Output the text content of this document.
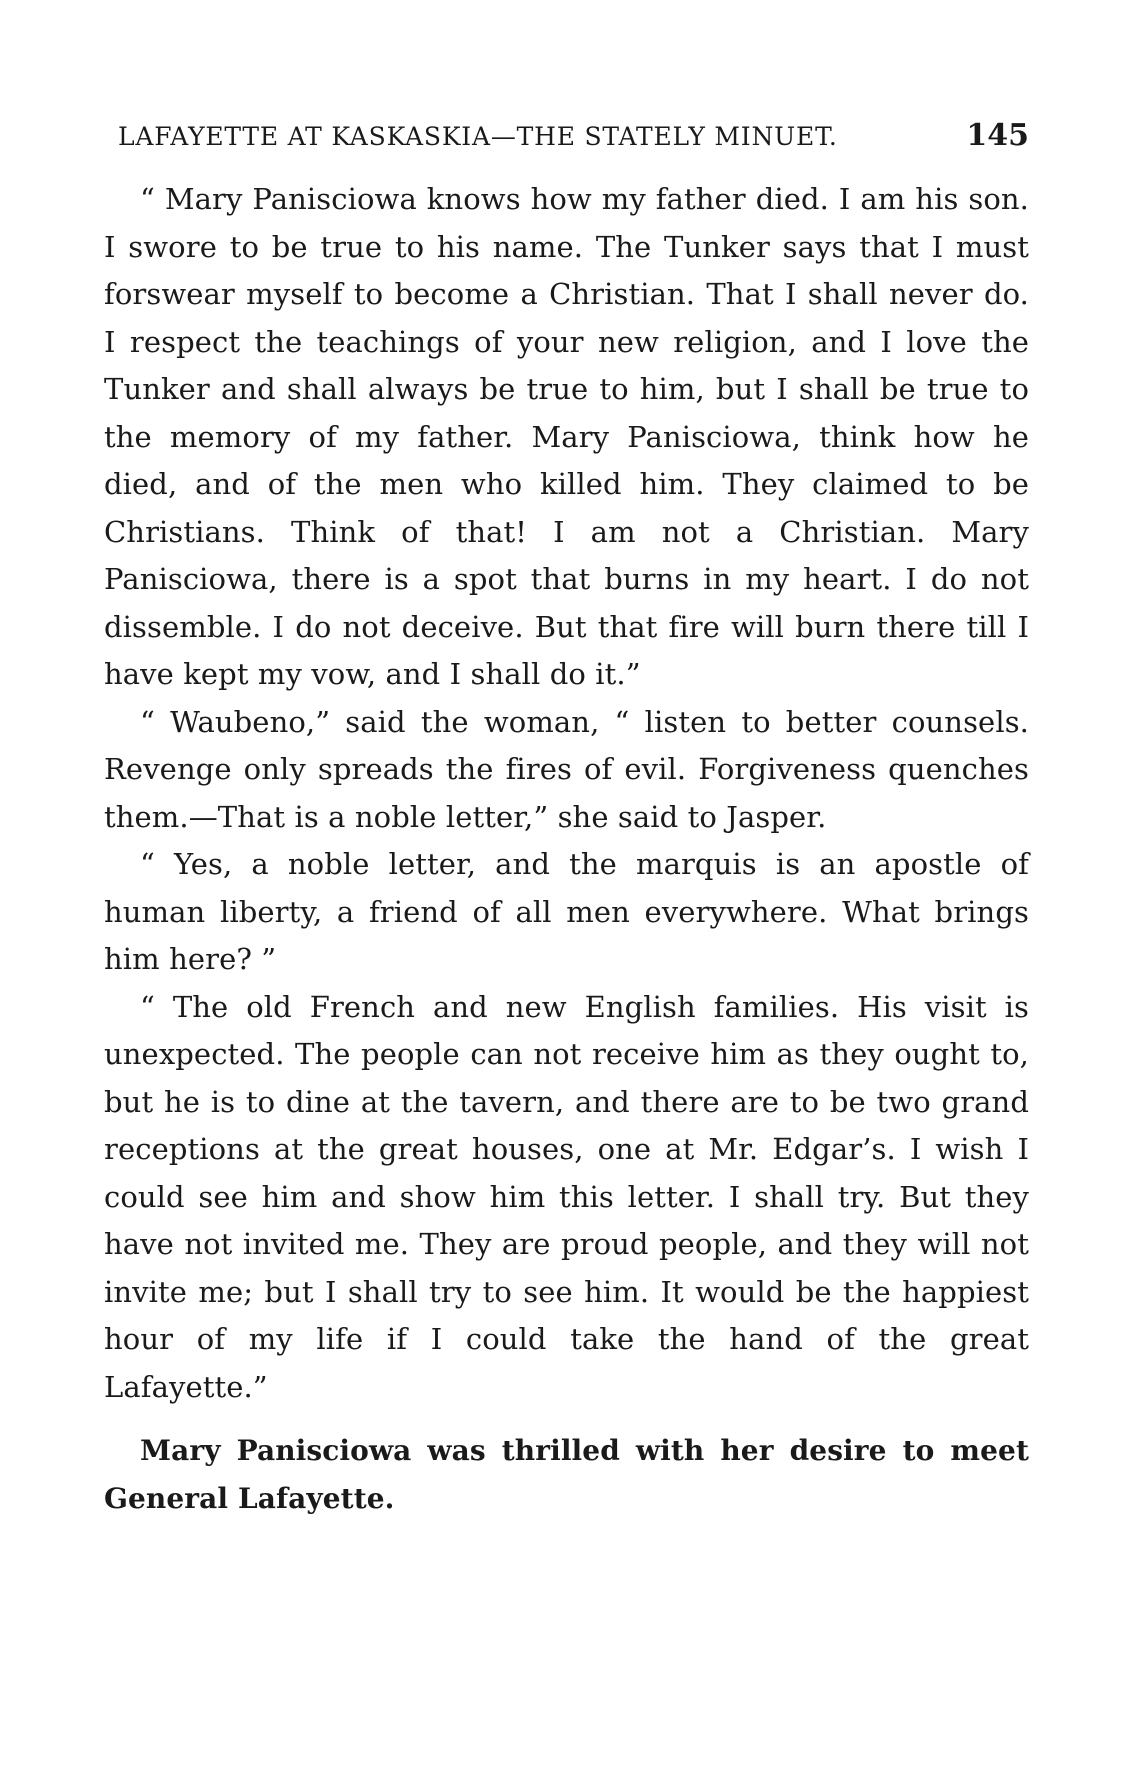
LAFAYETTE AT KASKASKIA—THE STATELY MINUET.	145

“ Mary Panisciowa knows how my father died. I am his son. I swore to be true to his name. The Tunker says that I must forswear myself to become a Christian. That I shall never do. I respect the teachings of your new religion, and I love the Tunker and shall always be true to him, but I shall be true to the memory of my father. Mary Panisciowa, think how he died, and of the men who killed him. They claimed to be Christians. Think of that! I am not a Christian. Mary Panisciowa, there is a spot that burns in my heart. I do not dissemble. I do not deceive. But that fire will burn there till I have kept my vow, and I shall do it.”

“ Waubeno,” said the woman, “ listen to better counsels. Revenge only spreads the fires of evil. Forgiveness quenches them.—That is a noble letter,” she said to Jasper.

“ Yes, a noble letter, and the marquis is an apostle of human liberty, a friend of all men everywhere. What brings him here? ”

“ The old French and new English families. His visit is unexpected. The people can not receive him as they ought to, but he is to dine at the tavern, and there are to be two grand receptions at the great houses, one at Mr. Edgar’s. I wish I could see him and show him this letter. I shall try. But they have not invited me. They are proud people, and they will not invite me; but I shall try to see him. It would be the happiest hour of my life if I could take the hand of the great Lafayette.”

Mary Panisciowa was thrilled with her desire to meet General Lafayette.
